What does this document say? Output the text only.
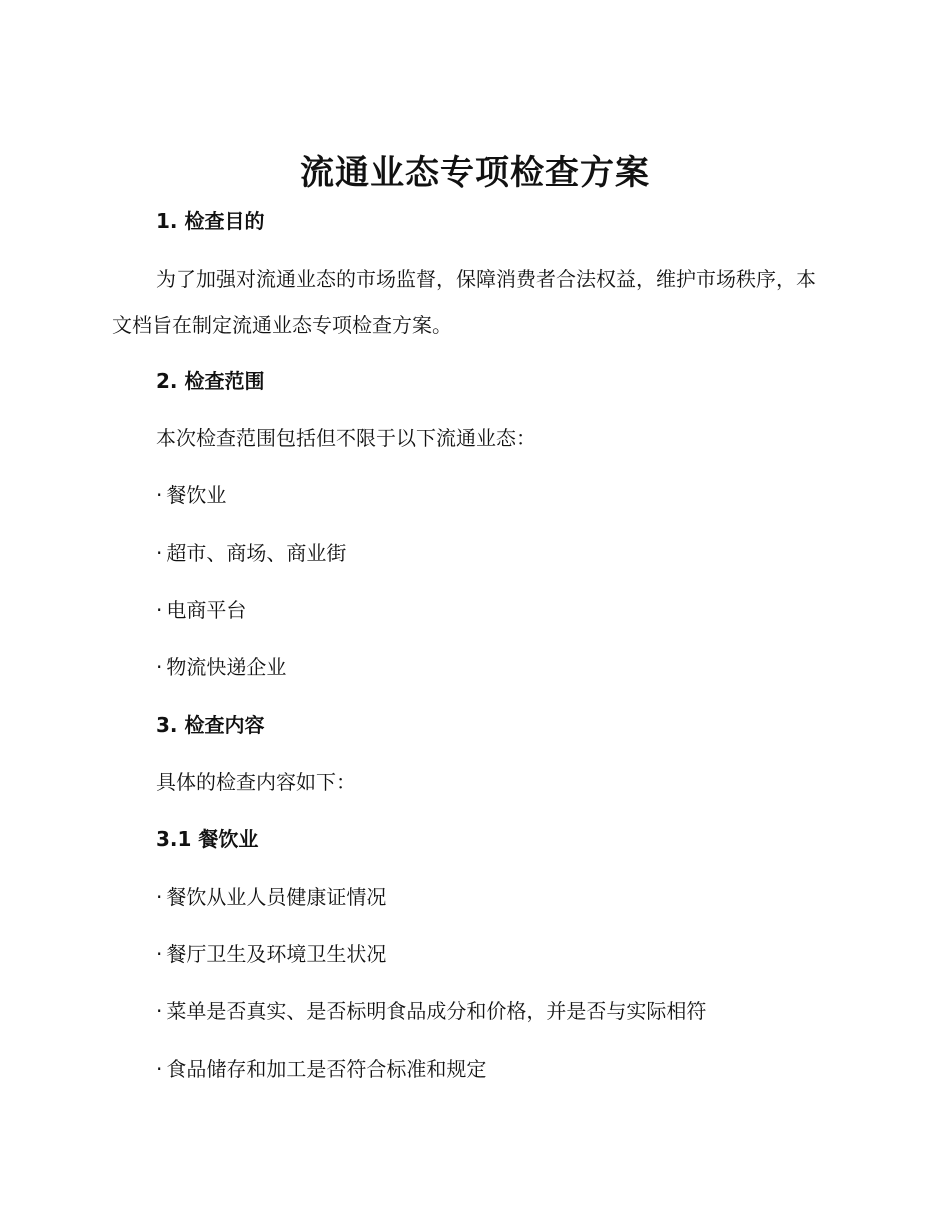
流通业态专项检查方案
1. 检查目的
为了加强对流通业态的市场监督，保障消费者合法权益，维护市场秩序，本文档旨在制定流通业态专项检查方案。
2. 检查范围
本次检查范围包括但不限于以下流通业态：
· 餐饮业
· 超市、商场、商业街
· 电商平台
· 物流快递企业
3. 检查内容
具体的检查内容如下：
3.1 餐饮业
· 餐饮从业人员健康证情况
· 餐厅卫生及环境卫生状况
· 菜单是否真实、是否标明食品成分和价格，并是否与实际相符
· 食品储存和加工是否符合标准和规定
